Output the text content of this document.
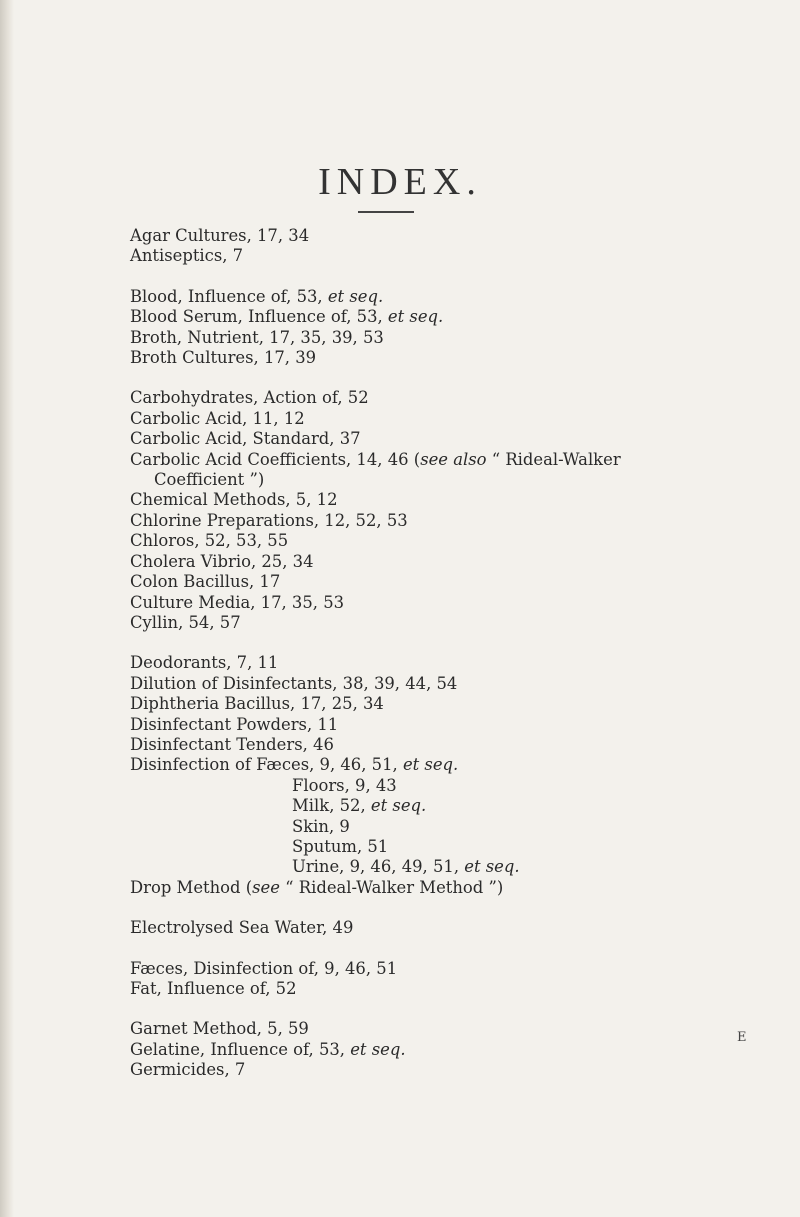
INDEX.
Agar Cultures, 17, 34
Antiseptics, 7
Blood, Influence of, 53, et seq.
Blood Serum, Influence of, 53, et seq.
Broth, Nutrient, 17, 35, 39, 53
Broth Cultures, 17, 39
Carbohydrates, Action of, 52
Carbolic Acid, 11, 12
Carbolic Acid, Standard, 37
Carbolic Acid Coefficients, 14, 46 (see also “ Rideal-Walker
Coefficient ”)
Chemical Methods, 5, 12
Chlorine Preparations, 12, 52, 53
Chloros, 52, 53, 55
Cholera Vibrio, 25, 34
Colon Bacillus, 17
Culture Media, 17, 35, 53
Cyllin, 54, 57
Deodorants, 7, 11
Dilution of Disinfectants, 38, 39, 44, 54
Diphtheria Bacillus, 17, 25, 34
Disinfectant Powders, 11
Disinfectant Tenders, 46
Disinfection of Fæces, 9, 46, 51, et seq.
Floors, 9, 43
Milk, 52, et seq.
Skin, 9
Sputum, 51
Urine, 9, 46, 49, 51, et seq.
Drop Method (see “ Rideal-Walker Method ”)
Electrolysed Sea Water, 49
Fæces, Disinfection of, 9, 46, 51
Fat, Influence of, 52
Garnet Method, 5, 59
Gelatine, Influence of, 53, et seq.
Germicides, 7
E
